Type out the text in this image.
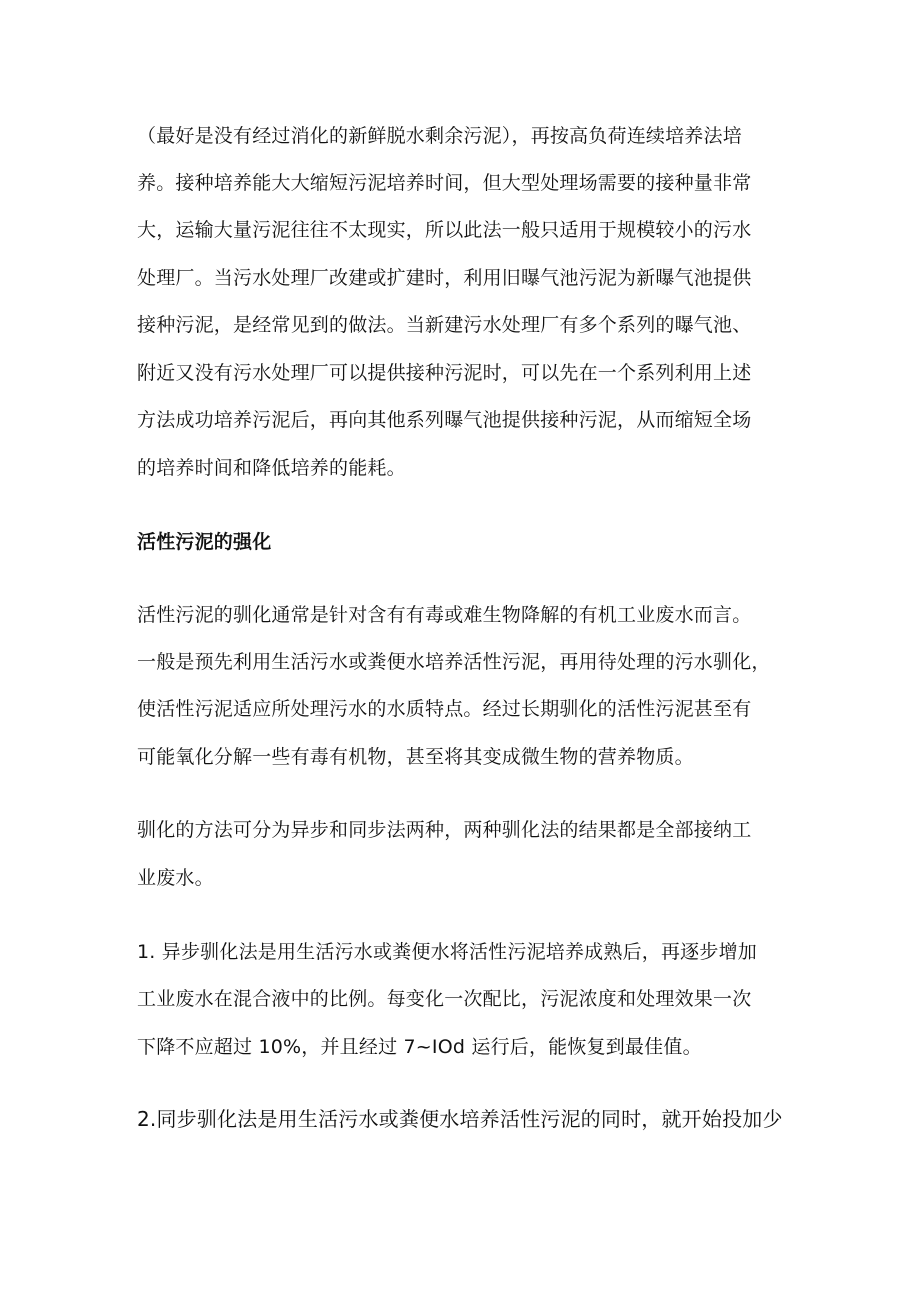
（最好是没有经过消化的新鲜脱水剩余污泥），再按高负荷连续培养法培
养。接种培养能大大缩短污泥培养时间，但大型处理场需要的接种量非常
大，运输大量污泥往往不太现实，所以此法一般只适用于规模较小的污水
处理厂。当污水处理厂改建或扩建时，利用旧曝气池污泥为新曝气池提供
接种污泥，是经常见到的做法。当新建污水处理厂有多个系列的曝气池、
附近又没有污水处理厂可以提供接种污泥时，可以先在一个系列利用上述
方法成功培养污泥后，再向其他系列曝气池提供接种污泥，从而缩短全场
的培养时间和降低培养的能耗。
活性污泥的强化
活性污泥的驯化通常是针对含有有毒或难生物降解的有机工业废水而言。
一般是预先利用生活污水或粪便水培养活性污泥，再用待处理的污水驯化，
使活性污泥适应所处理污水的水质特点。经过长期驯化的活性污泥甚至有
可能氧化分解一些有毒有机物，甚至将其变成微生物的营养物质。
驯化的方法可分为异步和同步法两种，两种驯化法的结果都是全部接纳工
业废水。
1. 异步驯化法是用生活污水或粪便水将活性污泥培养成熟后，再逐步增加
工业废水在混合液中的比例。每变化一次配比，污泥浓度和处理效果一次
下降不应超过 10%，并且经过 7~IOd 运行后，能恢复到最佳值。
2.同步驯化法是用生活污水或粪便水培养活性污泥的同时，就开始投加少
